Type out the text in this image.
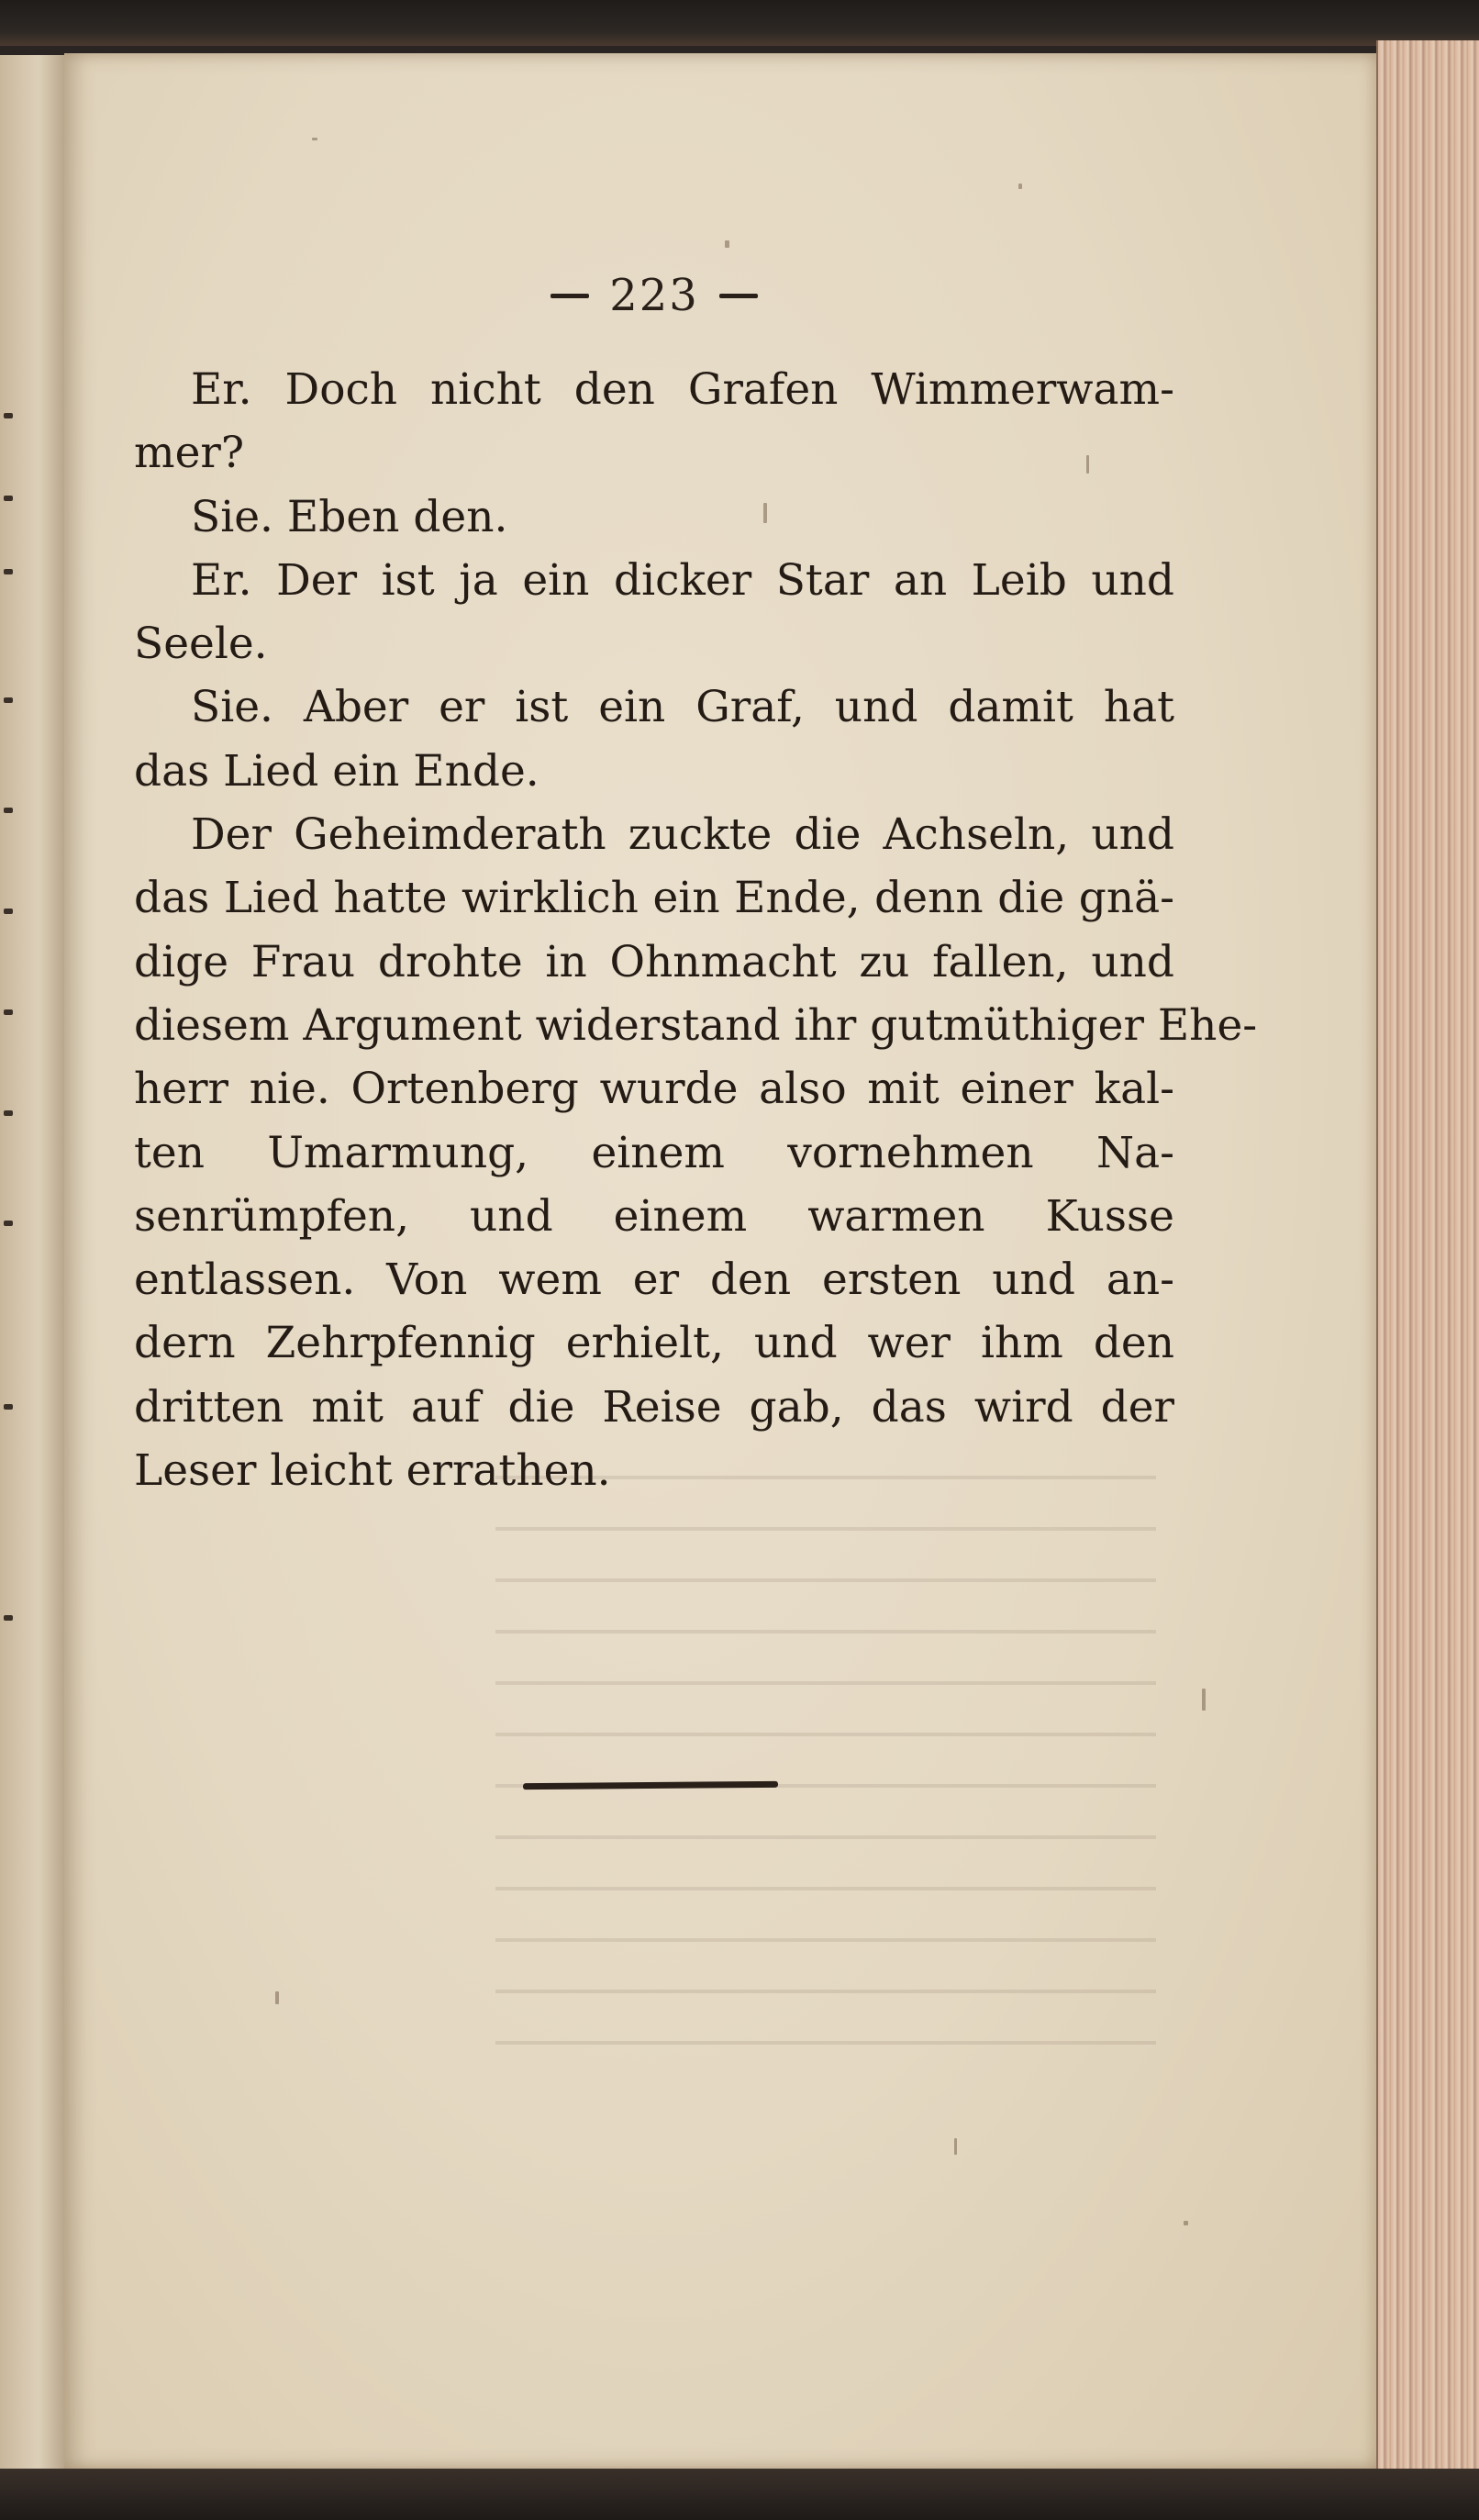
223
Er. Doch nicht den Grafen Wimmerwam-
mer?
Sie. Eben den.
Er. Der ist ja ein dicker Star an Leib und
Seele.
Sie. Aber er ist ein Graf, und damit hat
das Lied ein Ende.
Der Geheimderath zuckte die Achseln, und
das Lied hatte wirklich ein Ende, denn die gnä-
dige Frau drohte in Ohnmacht zu fallen, und
diesem Argument widerstand ihr gutmüthiger Ehe-
herr nie. Ortenberg wurde also mit einer kal-
ten Umarmung, einem vornehmen Na-
senrümpfen, und einem warmen Kusse
entlassen. Von wem er den ersten und an-
dern Zehrpfennig erhielt, und wer ihm den
dritten mit auf die Reise gab, das wird der
Leser leicht errathen.
